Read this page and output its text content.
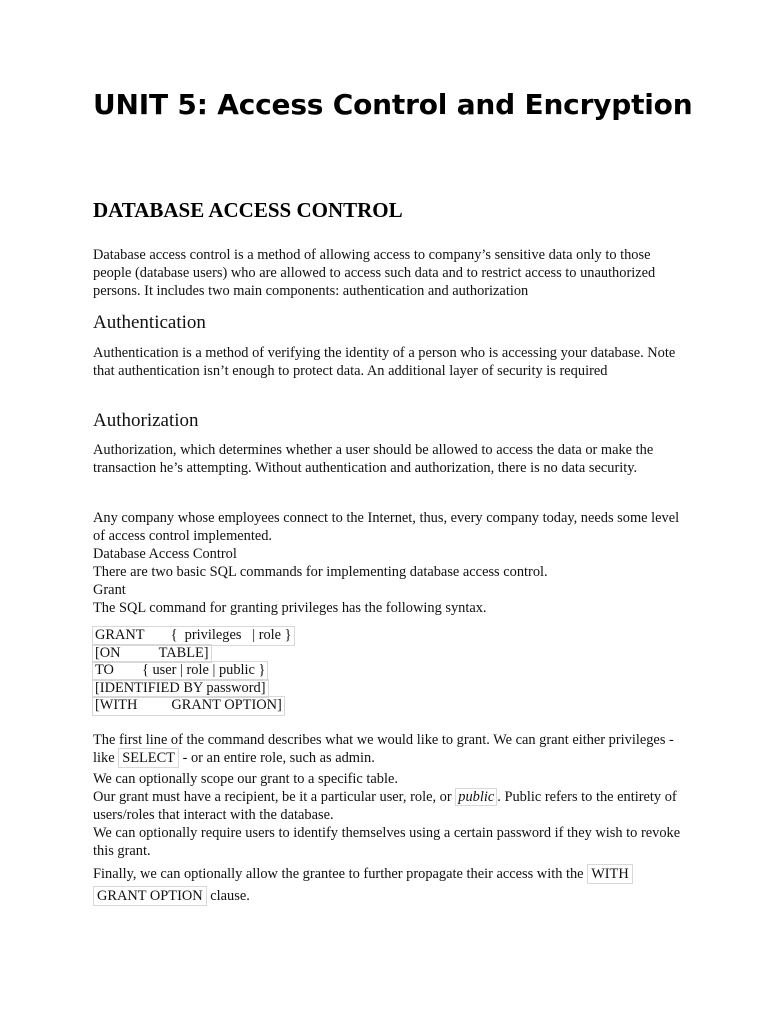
UNIT 5: Access Control and Encryption
DATABASE ACCESS CONTROL

Database access control is a method of allowing access to company’s sensitive data only to those people (database users) who are allowed to access such data and to restrict access to unauthorized persons. It includes two main components: authentication and authorization

Authentication

Authentication is a method of verifying the identity of a person who is accessing your database. Note that authentication isn’t enough to protect data. An additional layer of security is required

Authorization

Authorization, which determines whether a user should be allowed to access the data or make the transaction he’s attempting. Without authentication and authorization, there is no data security.

Any company whose employees connect to the Internet, thus, every company today, needs some level of access control implemented.

Database Access Control

There are two basic SQL commands for implementing database access control.

Grant

The SQL command for granting privileges has the following syntax.

GRANT {  privileges   | role }
[ON	TABLE]
TO { user | role | public }
[IDENTIFIED BY password]
[WITH GRANT OPTION]

The first line of the command describes what we would like to grant. We can grant either privileges - like SELECT - or an entire role, such as admin.

We can optionally scope our grant to a specific table.

Our grant must have a recipient, be it a particular user, role, or public . Public refers to the entirety of users/roles that interact with the database.

We can optionally require users to identify themselves using a certain password if they wish to revoke this grant.

Finally, we can optionally allow the grantee to further propagate their access with the WITH GRANT OPTION clause.
